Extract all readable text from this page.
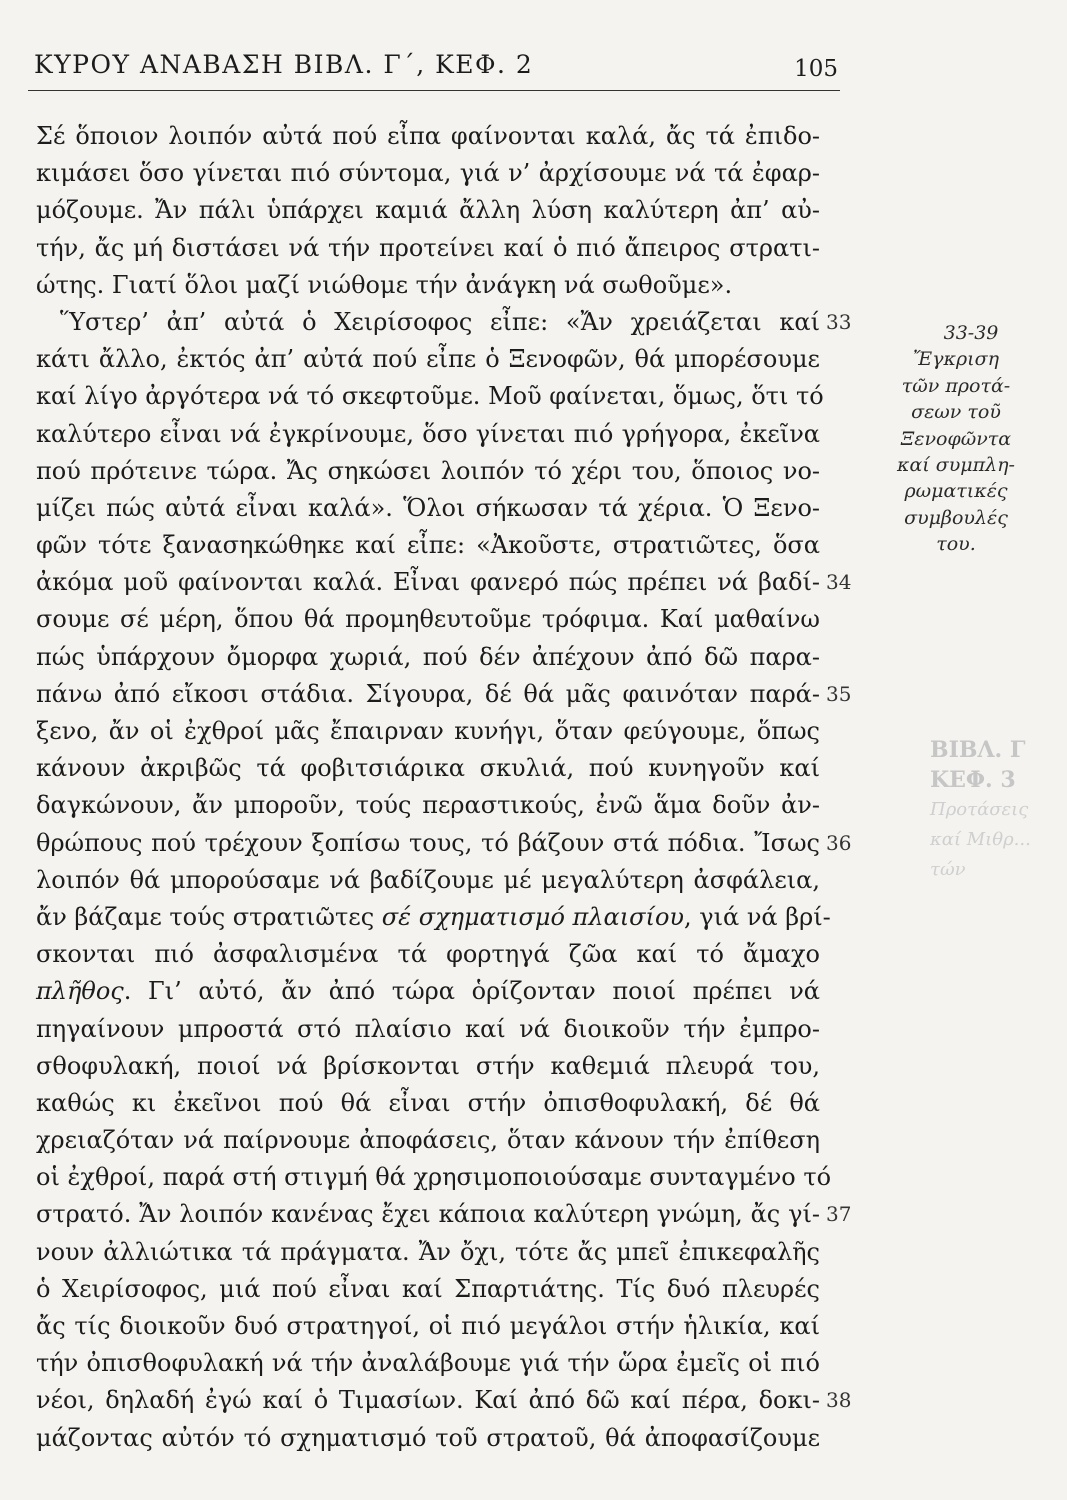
ΚΥΡΟΥ ΑΝΑΒΑΣΗ ΒΙΒΛ. Γ΄, ΚΕΦ. 2	105
Σέ ὅποιον λοιπόν αὐτά πού εἶπα φαίνονται καλά, ἄς τά ἐπιδο-
κιμάσει ὅσο γίνεται πιό σύντομα, γιά ν’ ἀρχίσουμε νά τά ἐφαρ-
μόζουμε. Ἄν πάλι ὑπάρχει καμιά ἄλλη λύση καλύτερη ἀπ’ αὐ-
τήν, ἄς μή διστάσει νά τήν προτείνει καί ὁ πιό ἄπειρος στρατι-
ώτης. Γιατί ὅλοι μαζί νιώθομε τήν ἀνάγκη νά σωθοῦμε».
Ὕστερ’ ἀπ’ αὐτά ὁ Χειρίσοφος εἶπε: «Ἄν χρειάζεται καί 33
κάτι ἄλλο, ἐκτός ἀπ’ αὐτά πού εἶπε ὁ Ξενοφῶν, θά μπορέσουμε
καί λίγο ἀργότερα νά τό σκεφτοῦμε. Μοῦ φαίνεται, ὅμως, ὅτι τό
καλύτερο εἶναι νά ἐγκρίνουμε, ὅσο γίνεται πιό γρήγορα, ἐκεῖνα
πού πρότεινε τώρα. Ἄς σηκώσει λοιπόν τό χέρι του, ὅποιος νο-
μίζει πώς αὐτά εἶναι καλά». Ὅλοι σήκωσαν τά χέρια. Ὁ Ξενο-
φῶν τότε ξανασηκώθηκε καί εἶπε: «Ἀκοῦστε, στρατιῶτες, ὅσα
ἀκόμα μοῦ φαίνονται καλά. Εἶναι φανερό πώς πρέπει νά βαδί- 34
σουμε σέ μέρη, ὅπου θά προμηθευτοῦμε τρόφιμα. Καί μαθαίνω
πώς ὑπάρχουν ὄμορφα χωριά, πού δέν ἀπέχουν ἀπό δῶ παρα-
πάνω ἀπό εἴκοσι στάδια. Σίγουρα, δέ θά μᾶς φαινόταν παρά- 35
ξενο, ἄν οἱ ἐχθροί μᾶς ἔπαιρναν κυνήγι, ὅταν φεύγουμε, ὅπως
κάνουν ἀκριβῶς τά φοβιτσιάρικα σκυλιά, πού κυνηγοῦν καί
δαγκώνουν, ἄν μποροῦν, τούς περαστικούς, ἐνῶ ἅμα δοῦν ἀν-
θρώπους πού τρέχουν ξοπίσω τους, τό βάζουν στά πόδια. Ἴσως 36
λοιπόν θά μπορούσαμε νά βαδίζουμε μέ μεγαλύτερη ἀσφάλεια,
ἄν βάζαμε τούς στρατιῶτες σέ σχηματισμό πλαισίου, γιά νά βρί-
σκονται πιό ἀσφαλισμένα τά φορτηγά ζῶα καί τό ἄμαχο
πλῆθος. Γι’ αὐτό, ἄν ἀπό τώρα ὁρίζονταν ποιοί πρέπει νά
πηγαίνουν μπροστά στό πλαίσιο καί νά διοικοῦν τήν ἐμπρο-
σθοφυλακή, ποιοί νά βρίσκονται στήν καθεμιά πλευρά του,
καθώς κι ἐκεῖνοι πού θά εἶναι στήν ὀπισθοφυλακή, δέ θά
χρειαζόταν νά παίρνουμε ἀποφάσεις, ὅταν κάνουν τήν ἐπίθεση
οἱ ἐχθροί, παρά στή στιγμή θά χρησιμοποιούσαμε συνταγμένο τό
στρατό. Ἄν λοιπόν κανένας ἔχει κάποια καλύτερη γνώμη, ἄς γί- 37
νουν ἀλλιώτικα τά πράγματα. Ἄν ὄχι, τότε ἄς μπεῖ ἐπικεφαλῆς
ὁ Χειρίσοφος, μιά πού εἶναι καί Σπαρτιάτης. Τίς δυό πλευρές
ἄς τίς διοικοῦν δυό στρατηγοί, οἱ πιό μεγάλοι στήν ἡλικία, καί
τήν ὀπισθοφυλακή νά τήν ἀναλάβουμε γιά τήν ὥρα ἐμεῖς οἱ πιό
νέοι, δηλαδή ἐγώ καί ὁ Τιμασίων. Καί ἀπό δῶ καί πέρα, δοκι- 38
μάζοντας αὐτόν τό σχηματισμό τοῦ στρατοῦ, θά ἀποφασίζουμε
33-39
Ἔγκριση
τῶν προτά-
σεων τοῦ
Ξενοφῶντα
καί συμπλη-
ρωματικές
συμβουλές
του.
ΒΙΒΛ. Γ
ΚΕΦ. 3
Προτάσεις
καί Μιθρ...
τών
